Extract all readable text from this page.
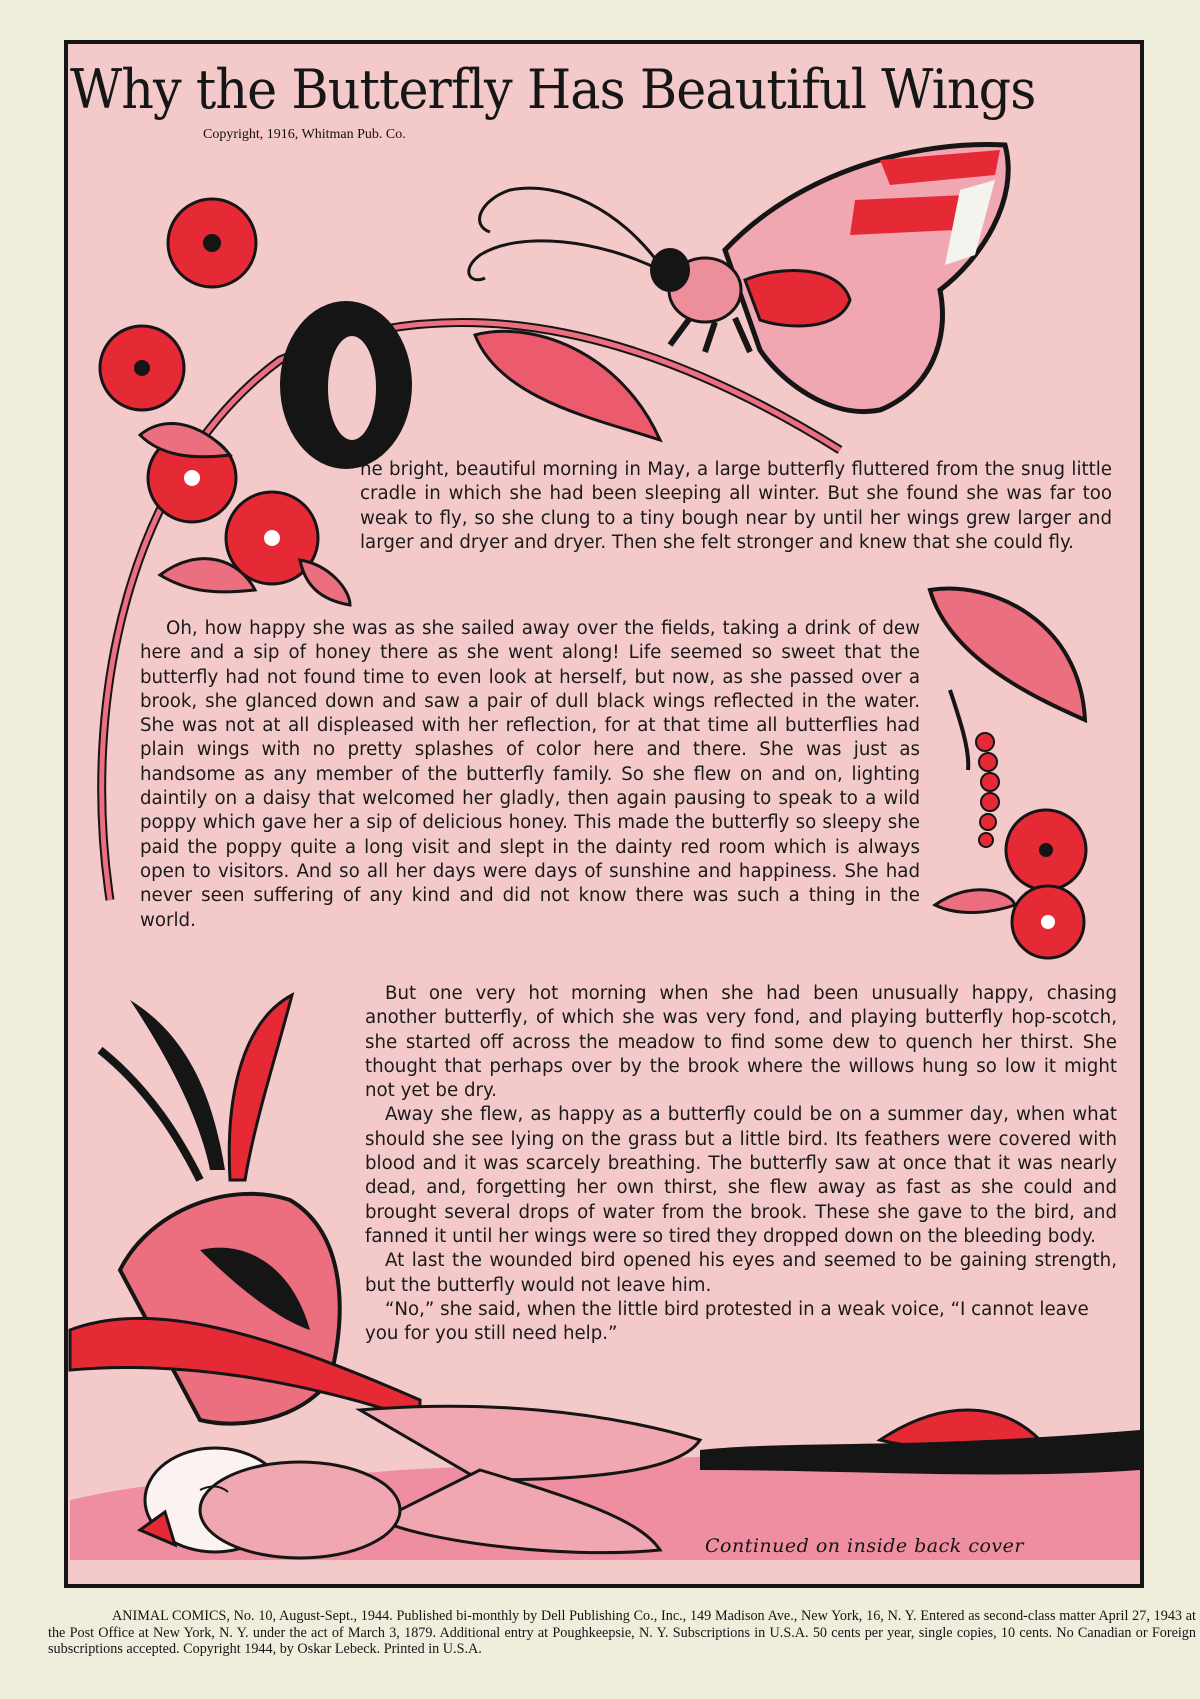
Why the Butterfly Has Beautiful Wings
Copyright, 1916, Whitman Pub. Co.

ne bright, beautiful morning in May, a large butterfly fluttered from the snug little cradle in which she had been sleeping all winter. But she found she was far too weak to fly, so she clung to a tiny bough near by until her wings grew larger and larger and dryer and dryer. Then she felt stronger and knew that she could fly.

Oh, how happy she was as she sailed away over the fields, taking a drink of dew here and a sip of honey there as she went along! Life seemed so sweet that the butterfly had not found time to even look at herself, but now, as she passed over a brook, she glanced down and saw a pair of dull black wings reflected in the water. She was not at all displeased with her reflection, for at that time all butterflies had plain wings with no pretty splashes of color here and there. She was just as handsome as any member of the butterfly family. So she flew on and on, lighting daintily on a daisy that welcomed her gladly, then again pausing to speak to a wild poppy which gave her a sip of delicious honey. This made the butterfly so sleepy she paid the poppy quite a long visit and slept in the dainty red room which is always open to visitors. And so all her days were days of sunshine and happiness. She had never seen suffering of any kind and did not know there was such a thing in the world.

But one very hot morning when she had been unusually happy, chasing another butterfly, of which she was very fond, and playing butterfly hop-scotch, she started off across the meadow to find some dew to quench her thirst. She thought that perhaps over by the brook where the willows hung so low it might not yet be dry.

Away she flew, as happy as a butterfly could be on a summer day, when what should she see lying on the grass but a little bird. Its feathers were covered with blood and it was scarcely breathing. The butterfly saw at once that it was nearly dead, and, forgetting her own thirst, she flew away as fast as she could and brought several drops of water from the brook. These she gave to the bird, and fanned it until her wings were so tired they dropped down on the bleeding body.

At last the wounded bird opened his eyes and seemed to be gaining strength, but the butterfly would not leave him.

“No,” she said, when the little bird protested in a weak voice, “I cannot leave you for you still need help.”

Continued on inside back cover

ANIMAL COMICS, No. 10, August-Sept., 1944. Published bi-monthly by Dell Publishing Co., Inc., 149 Madison Ave., New York, 16, N. Y. Entered as second-class matter April 27, 1943 at the Post Office at New York, N. Y. under the act of March 3, 1879. Additional entry at Poughkeepsie, N. Y. Subscriptions in U.S.A. 50 cents per year, single copies, 10 cents. No Canadian or Foreign subscriptions accepted. Copyright 1944, by Oskar Lebeck. Printed in U.S.A.
